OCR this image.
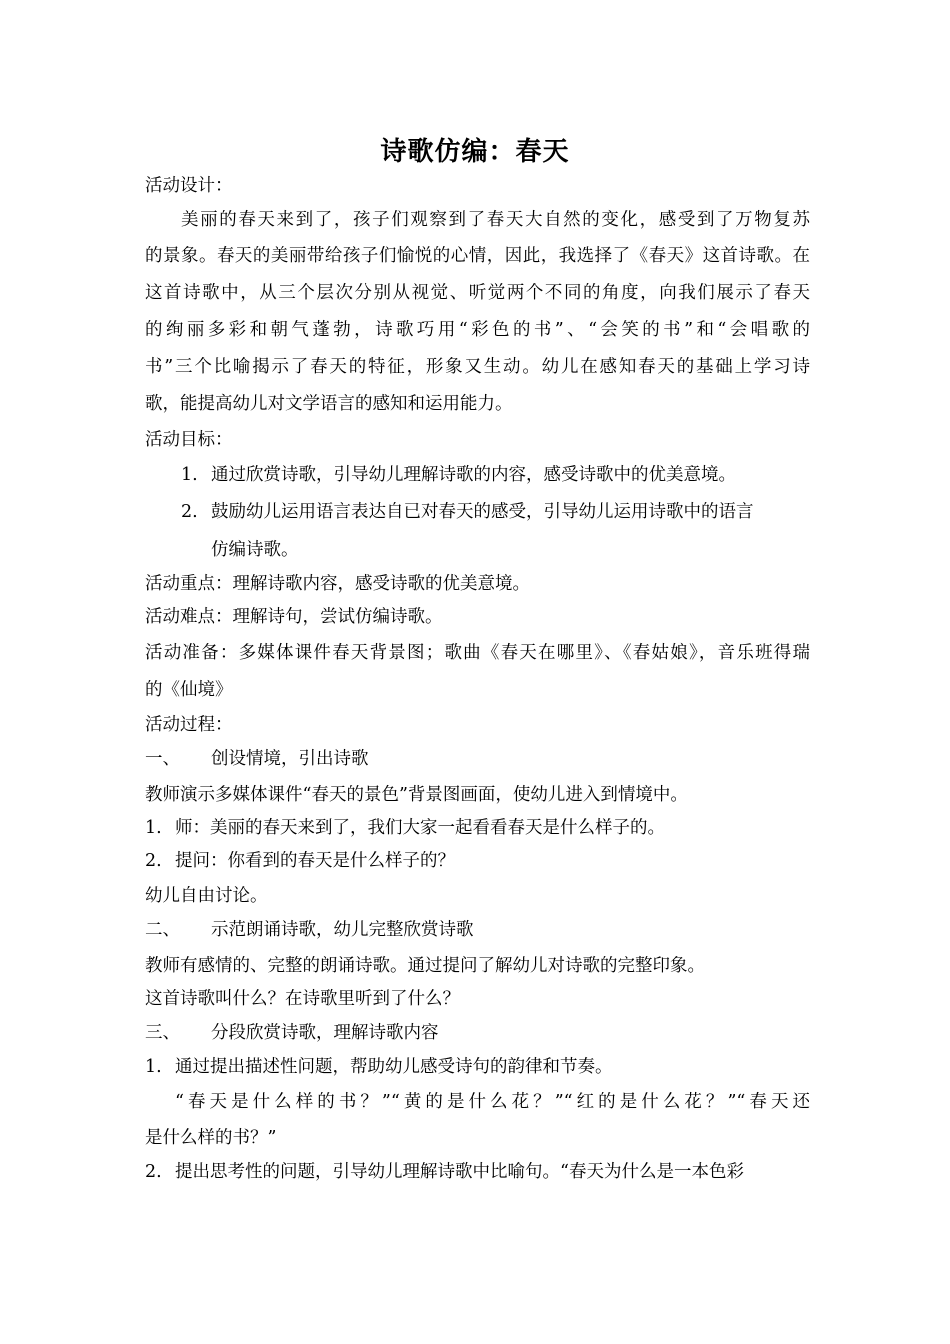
诗歌仿编：春天
活动设计：
美丽的春天来到了，孩子们观察到了春天大自然的变化，感受到了万物复苏
的景象。春天的美丽带给孩子们愉悦的心情，因此，我选择了《春天》这首诗歌。在
这首诗歌中，从三个层次分别从视觉、听觉两个不同的角度，向我们展示了春天
的绚丽多彩和朝气蓬勃，诗歌巧用“彩色的书”、“会笑的书”和“会唱歌的
书”三个比喻揭示了春天的特征，形象又生动。幼儿在感知春天的基础上学习诗
歌，能提高幼儿对文学语言的感知和运用能力。
活动目标：
1. 通过欣赏诗歌，引导幼儿理解诗歌的内容，感受诗歌中的优美意境。
2. 鼓励幼儿运用语言表达自已对春天的感受，引导幼儿运用诗歌中的语言
仿编诗歌。
活动重点：理解诗歌内容，感受诗歌的优美意境。
活动难点：理解诗句，尝试仿编诗歌。
活动准备：多媒体课件春天背景图；歌曲《春天在哪里》、《春姑娘》，音乐班得瑞
的《仙境》
活动过程：
一、 创设情境，引出诗歌
教师演示多媒体课件“春天的景色”背景图画面，使幼儿进入到情境中。
1. 师：美丽的春天来到了，我们大家一起看看春天是什么样子的。
2. 提问：你看到的春天是什么样子的？
幼儿自由讨论。
二、 示范朗诵诗歌，幼儿完整欣赏诗歌
教师有感情的、完整的朗诵诗歌。通过提问了解幼儿对诗歌的完整印象。
这首诗歌叫什么？在诗歌里听到了什么？
三、 分段欣赏诗歌，理解诗歌内容
1. 通过提出描述性问题，帮助幼儿感受诗句的韵律和节奏。
“春天是什么样的书？”“黄的是什么花？”“红的是什么花？”“春天还
是什么样的书？”
2. 提出思考性的问题，引导幼儿理解诗歌中比喻句。“春天为什么是一本色彩
